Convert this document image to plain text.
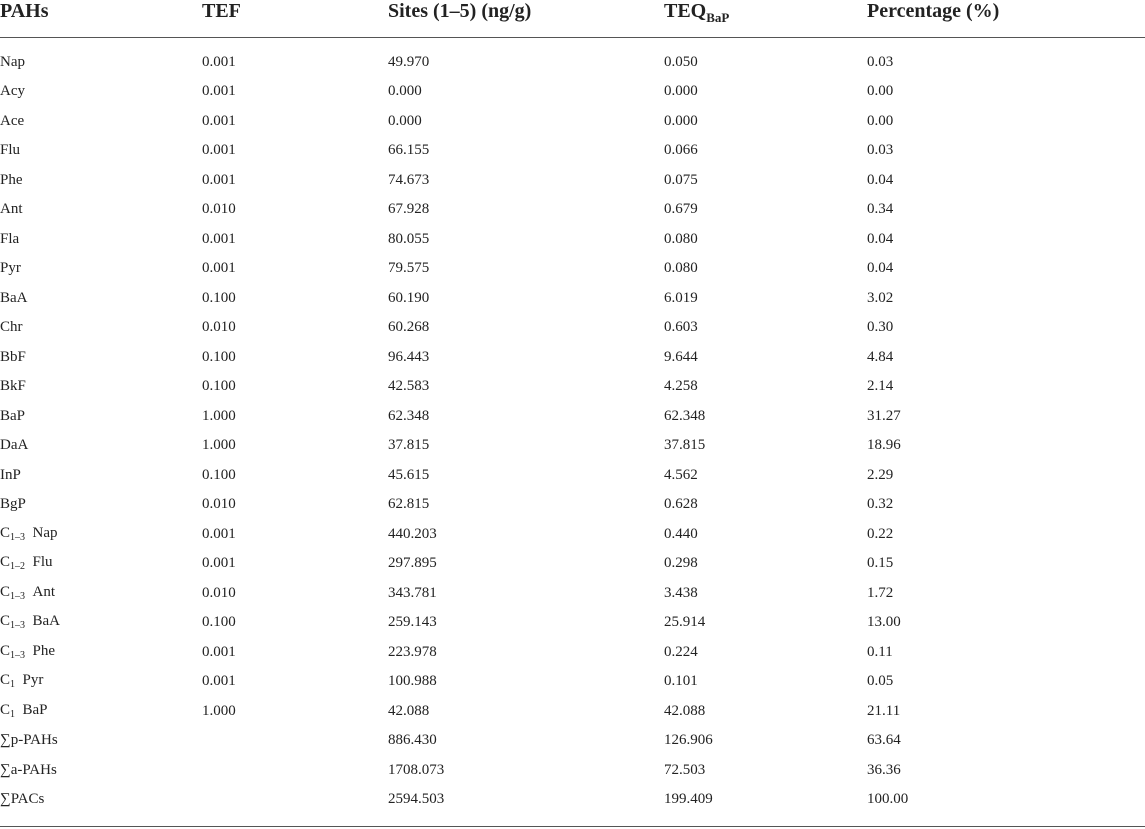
PAHs	TEF	Sites (1–5) (ng/g)	$TEQ_{BaP}$	Percentage (%)
Nap	0.001	49.970	0.050	0.03
Acy	0.001	0.000	0.000	0.00
Ace	0.001	0.000	0.000	0.00
Flu	0.001	66.155	0.066	0.03
Phe	0.001	74.673	0.075	0.04
Ant	0.010	67.928	0.679	0.34
Fla	0.001	80.055	0.080	0.04
Pyr	0.001	79.575	0.080	0.04
BaA	0.100	60.190	6.019	3.02
Chr	0.010	60.268	0.603	0.30
BbF	0.100	96.443	9.644	4.84
BkF	0.100	42.583	4.258	2.14
BaP	1.000	62.348	62.348	31.27
DaA	1.000	37.815	37.815	18.96
InP	0.100	45.615	4.562	2.29
BgP	0.010	62.815	0.628	0.32
$C_{1-3}$ Nap	0.001	440.203	0.440	0.22
$C_{1-2}$ Flu	0.001	297.895	0.298	0.15
$C_{1-3}$ Ant	0.010	343.781	3.438	1.72
$C_{1-3}$ BaA	0.100	259.143	25.914	13.00
$C_{1-3}$ Phe	0.001	223.978	0.224	0.11
$C_1$ Pyr	0.001	100.988	0.101	0.05
$C_1$ BaP	1.000	42.088	42.088	21.11
∑p-PAHs		886.430	126.906	63.64
∑a-PAHs		1708.073	72.503	36.36
∑PACs		2594.503	199.409	100.00
